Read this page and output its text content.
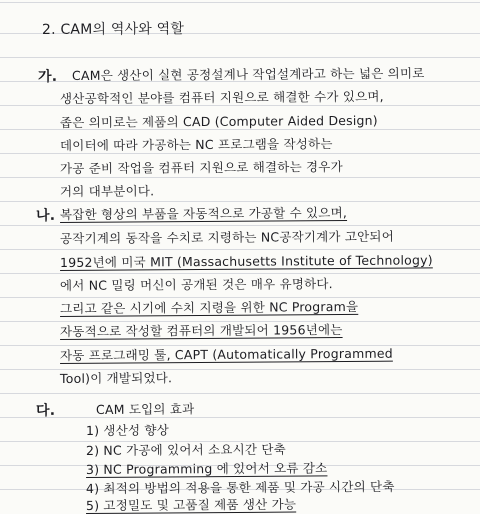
2. CAM의 역사와 역할
가. CAM은 생산이 실현 공정설계나 작업설계라고 하는 넓은 의미로
생산공학적인 분야를 컴퓨터 지원으로 해결한 수가 있으며,
좁은 의미로는 제품의 CAD (Computer Aided Design)
데이터에 따라 가공하는 NC 프로그램을 작성하는
가공 준비 작업을 컴퓨터 지원으로 해결하는 경우가
거의 대부분이다.
나. 복잡한 형상의 부품을 자동적으로 가공할 수 있으며,
공작기계의 동작을 수치로 지령하는 NC공작기계가 고안되어
1952년에 미국 MIT (Massachusetts Institute of Technology)
에서 NC 밀링 머신이 공개된 것은 매우 유명하다.
그리고 같은 시기에 수치 지령을 위한 NC Program을
자동적으로 작성할 컴퓨터의 개발되어 1956년에는
자동 프로그래밍 툴, CAPT (Automatically Programmed
Tool)이 개발되었다.
다.	CAM 도입의 효과
1) 생산성 향상
2) NC 가공에 있어서 소요시간 단축
3) NC Programming 에 있어서 오류 감소
4) 최적의 방법의 적용을 통한 제품 및 가공 시간의 단축
5) 고정밀도 및 고품질 제품 생산 가능
